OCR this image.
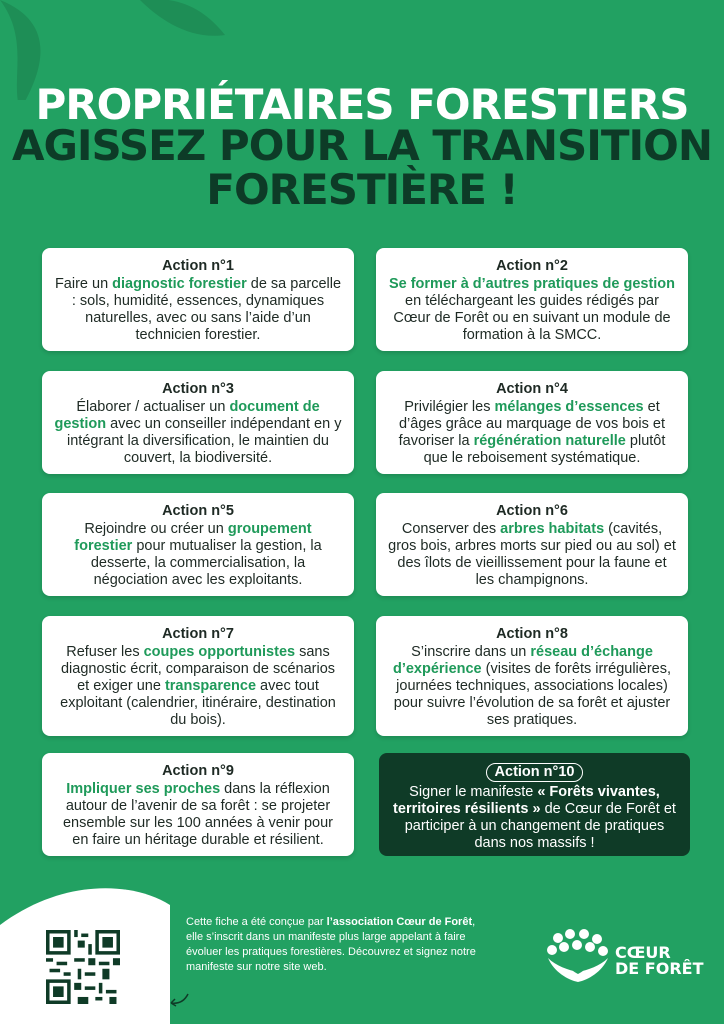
PROPRIÉTAIRES FORESTIERS
AGISSEZ POUR LA TRANSITION
FORESTIÈRE !
Action n°1
Faire un diagnostic forestier de sa parcelle : sols, humidité, essences, dynamiques naturelles, avec ou sans l’aide d’un technicien forestier.
Action n°2
Se former à d’autres pratiques de gestion en téléchargeant les guides rédigés par Cœur de Forêt ou en suivant un module de formation à la SMCC.
Action n°3
Élaborer / actualiser un document de gestion avec un conseiller indépendant en y intégrant la diversification, le maintien du couvert, la biodiversité.
Action n°4
Privilégier les mélanges d’essences et d’âges grâce au marquage de vos bois et favoriser la régénération naturelle plutôt que le reboisement systématique.
Action n°5
Rejoindre ou créer un groupement forestier pour mutualiser la gestion, la desserte, la commercialisation, la négociation avec les exploitants.
Action n°6
Conserver des arbres habitats (cavités, gros bois, arbres morts sur pied ou au sol) et des îlots de vieillissement pour la faune et les champignons.
Action n°7
Refuser les coupes opportunistes sans diagnostic écrit, comparaison de scénarios et exiger une transparence avec tout exploitant (calendrier, itinéraire, destination du bois).
Action n°8
S’inscrire dans un réseau d’échange d’expérience (visites de forêts irrégulières, journées techniques, associations locales) pour suivre l’évolution de sa forêt et ajuster ses pratiques.
Action n°9
Impliquer ses proches dans la réflexion autour de l’avenir de sa forêt : se projeter ensemble sur les 100 années à venir pour en faire un héritage durable et résilient.
Action n°10
Signer le manifeste « Forêts vivantes, territoires résilients » de Cœur de Forêt et participer à un changement de pratiques dans nos massifs !
Cette fiche a été conçue par l’association Cœur de Forêt, elle s’inscrit dans un manifeste plus large appelant à faire évoluer les pratiques forestières. Découvrez et signez notre manifeste sur notre site web.
CŒUR
DE FORÊT
